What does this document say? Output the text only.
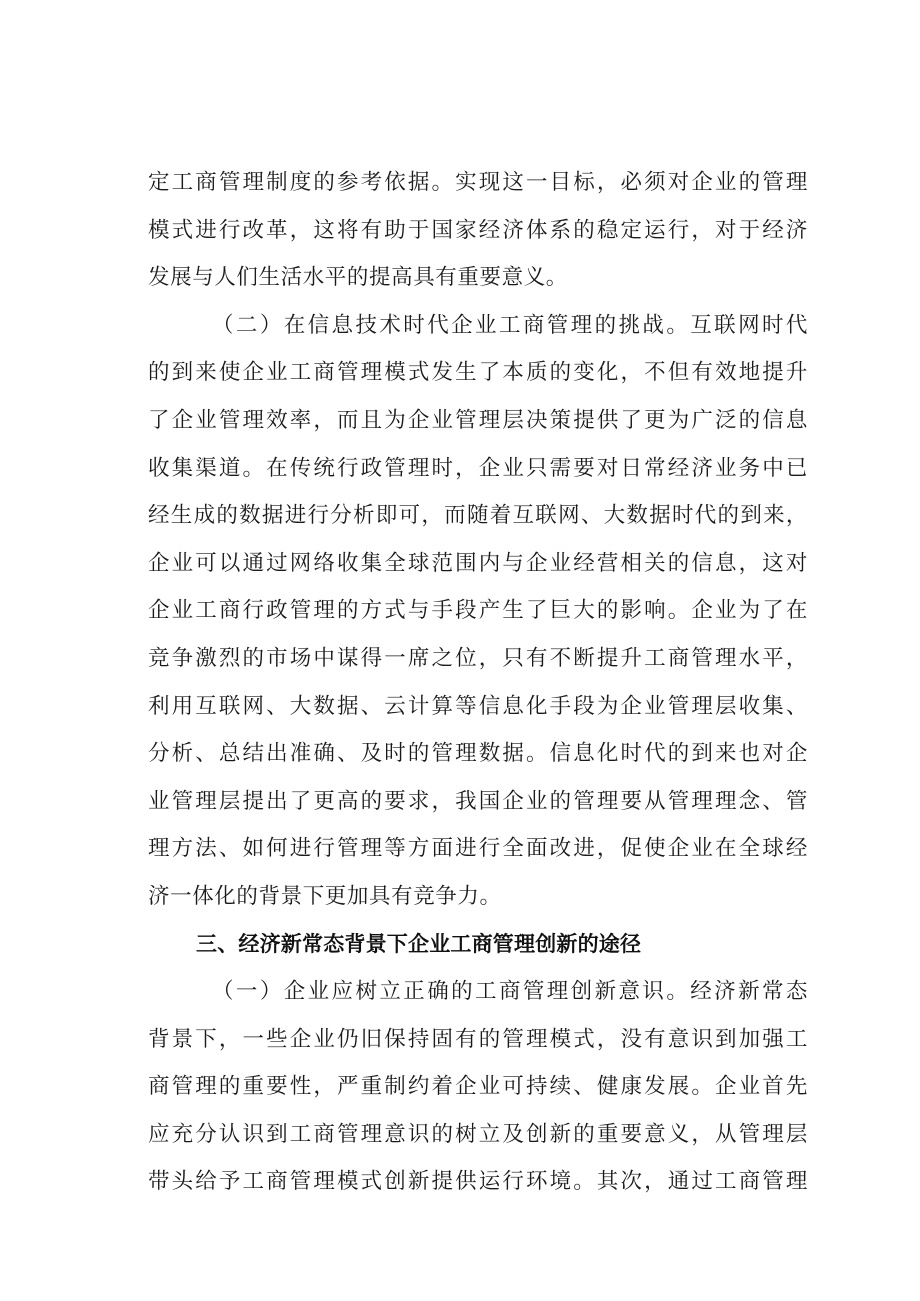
定工商管理制度的参考依据。实现这一目标，必须对企业的管理
模式进行改革，这将有助于国家经济体系的稳定运行，对于经济
发展与人们生活水平的提高具有重要意义。
（二）在信息技术时代企业工商管理的挑战。互联网时代
的到来使企业工商管理模式发生了本质的变化，不但有效地提升
了企业管理效率，而且为企业管理层决策提供了更为广泛的信息
收集渠道。在传统行政管理时，企业只需要对日常经济业务中已
经生成的数据进行分析即可，而随着互联网、大数据时代的到来，
企业可以通过网络收集全球范围内与企业经营相关的信息，这对
企业工商行政管理的方式与手段产生了巨大的影响。企业为了在
竞争激烈的市场中谋得一席之位，只有不断提升工商管理水平，
利用互联网、大数据、云计算等信息化手段为企业管理层收集、
分析、总结出准确、及时的管理数据。信息化时代的到来也对企
业管理层提出了更高的要求，我国企业的管理要从管理理念、管
理方法、如何进行管理等方面进行全面改进，促使企业在全球经
济一体化的背景下更加具有竞争力。
三、经济新常态背景下企业工商管理创新的途径
（一）企业应树立正确的工商管理创新意识。经济新常态
背景下，一些企业仍旧保持固有的管理模式，没有意识到加强工
商管理的重要性，严重制约着企业可持续、健康发展。企业首先
应充分认识到工商管理意识的树立及创新的重要意义，从管理层
带头给予工商管理模式创新提供运行环境。其次，通过工商管理
